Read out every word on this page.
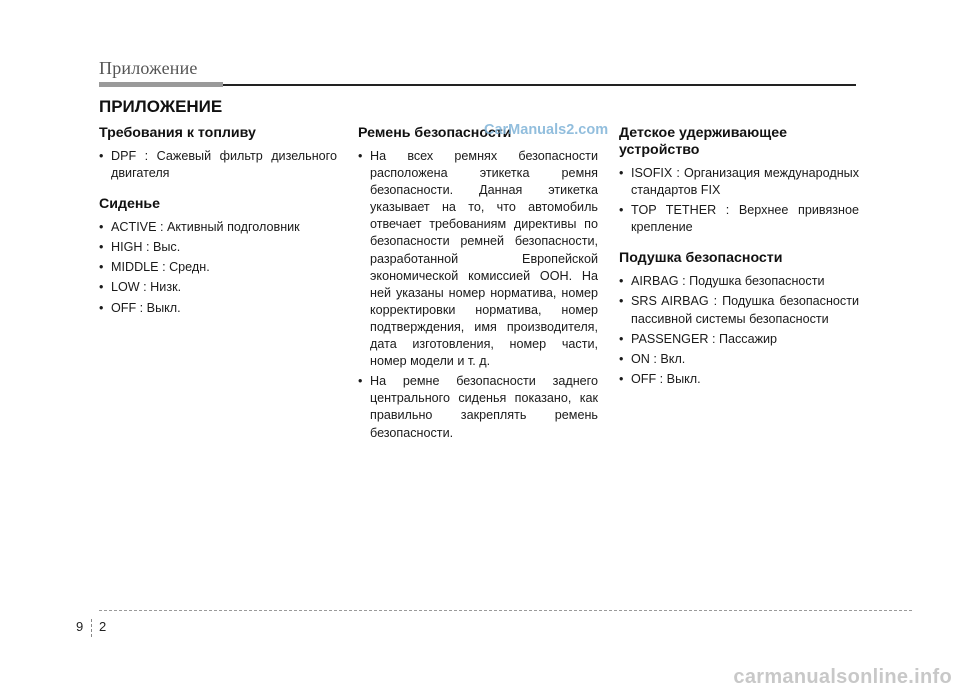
Приложение
ПРИЛОЖЕНИЕ
Требования к топливу
• DPF : Сажевый фильтр дизельного двигателя
Сиденье
• ACTIVE : Активный подголовник
• HIGH : Выс.
• MIDDLE : Средн.
• LOW : Низк.
• OFF : Выкл.
Ремень безопасности
• На всех ремнях безопасности расположена этикетка ремня безопасности. Данная этикетка указывает на то, что автомобиль отвечает требованиям директивы по безопасности ремней безопасности, разработанной Европейской экономической комиссией ООН. На ней указаны номер норматива, номер корректировки норматива, номер подтверждения, имя производителя, дата изготовления, номер части, номер модели и т. д.
• На ремне безопасности заднего центрального сиденья показано, как правильно закреплять ремень безопасности.
Детское удерживающее устройство
• ISOFIX : Организация международных стандартов FIX
• TOP TETHER : Верхнее привязное крепление
Подушка безопасности
• AIRBAG : Подушка безопасности
• SRS AIRBAG : Подушка безопасности пассивной системы безопасности
• PASSENGER : Пассажир
• ON : Вкл.
• OFF : Выкл.
CarManuals2.com
9 2
carmanualsonline.info
